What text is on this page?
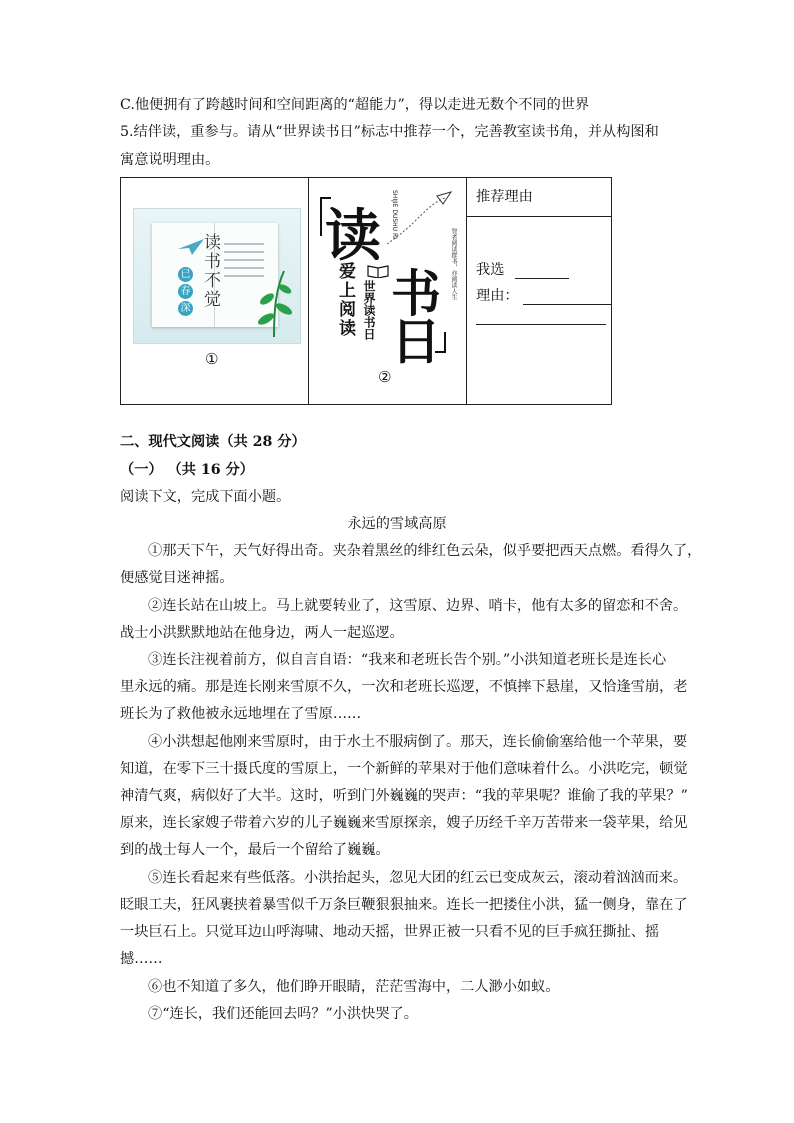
C.他便拥有了跨越时间和空间距离的“超能力”，得以走进无数个不同的世界
5.结伴读，重参与。请从“世界读书日”标志中推荐一个，完善教室读书角，并从构图和
寓意说明理由。
读书不觉
已
春
深
①
读
书
日
爱上阅读 世界读书日
SHIJIE DUSHU RI
智者阅读群书，亦阅读人生
②
推荐理由
我选
理由：
二、现代文阅读（共 28 分）
（一） （共 16 分）
阅读下文，完成下面小题。
永远的雪域高原
①那天下午，天气好得出奇。夹杂着黑丝的绯红色云朵，似乎要把西天点燃。看得久了，
便感觉目迷神摇。
②连长站在山坡上。马上就要转业了，这雪原、边界、哨卡，他有太多的留恋和不舍。
战士小洪默默地站在他身边，两人一起巡逻。
③连长注视着前方，似自言自语：“我来和老班长告个别。”小洪知道老班长是连长心
里永远的痛。那是连长刚来雪原不久，一次和老班长巡逻，不慎摔下悬崖，又恰逢雪崩，老
班长为了救他被永远地埋在了雪原……
④小洪想起他刚来雪原时，由于水土不服病倒了。那天，连长偷偷塞给他一个苹果，要
知道，在零下三十摄氏度的雪原上，一个新鲜的苹果对于他们意味着什么。小洪吃完，顿觉
神清气爽，病似好了大半。这时，听到门外巍巍的哭声：“我的苹果呢？谁偷了我的苹果？”
原来，连长家嫂子带着六岁的儿子巍巍来雪原探亲，嫂子历经千辛万苦带来一袋苹果，给见
到的战士每人一个，最后一个留给了巍巍。
⑤连长看起来有些低落。小洪抬起头，忽见大团的红云已变成灰云，滚动着汹汹而来。
眨眼工夫，狂风裹挟着暴雪似千万条巨鞭狠狠抽来。连长一把搂住小洪，猛一侧身，靠在了
一块巨石上。只觉耳边山呼海啸、地动天摇，世界正被一只看不见的巨手疯狂撕扯、摇
撼……
⑥也不知道了多久，他们睁开眼睛，茫茫雪海中，二人渺小如蚁。
⑦“连长，我们还能回去吗？”小洪快哭了。
